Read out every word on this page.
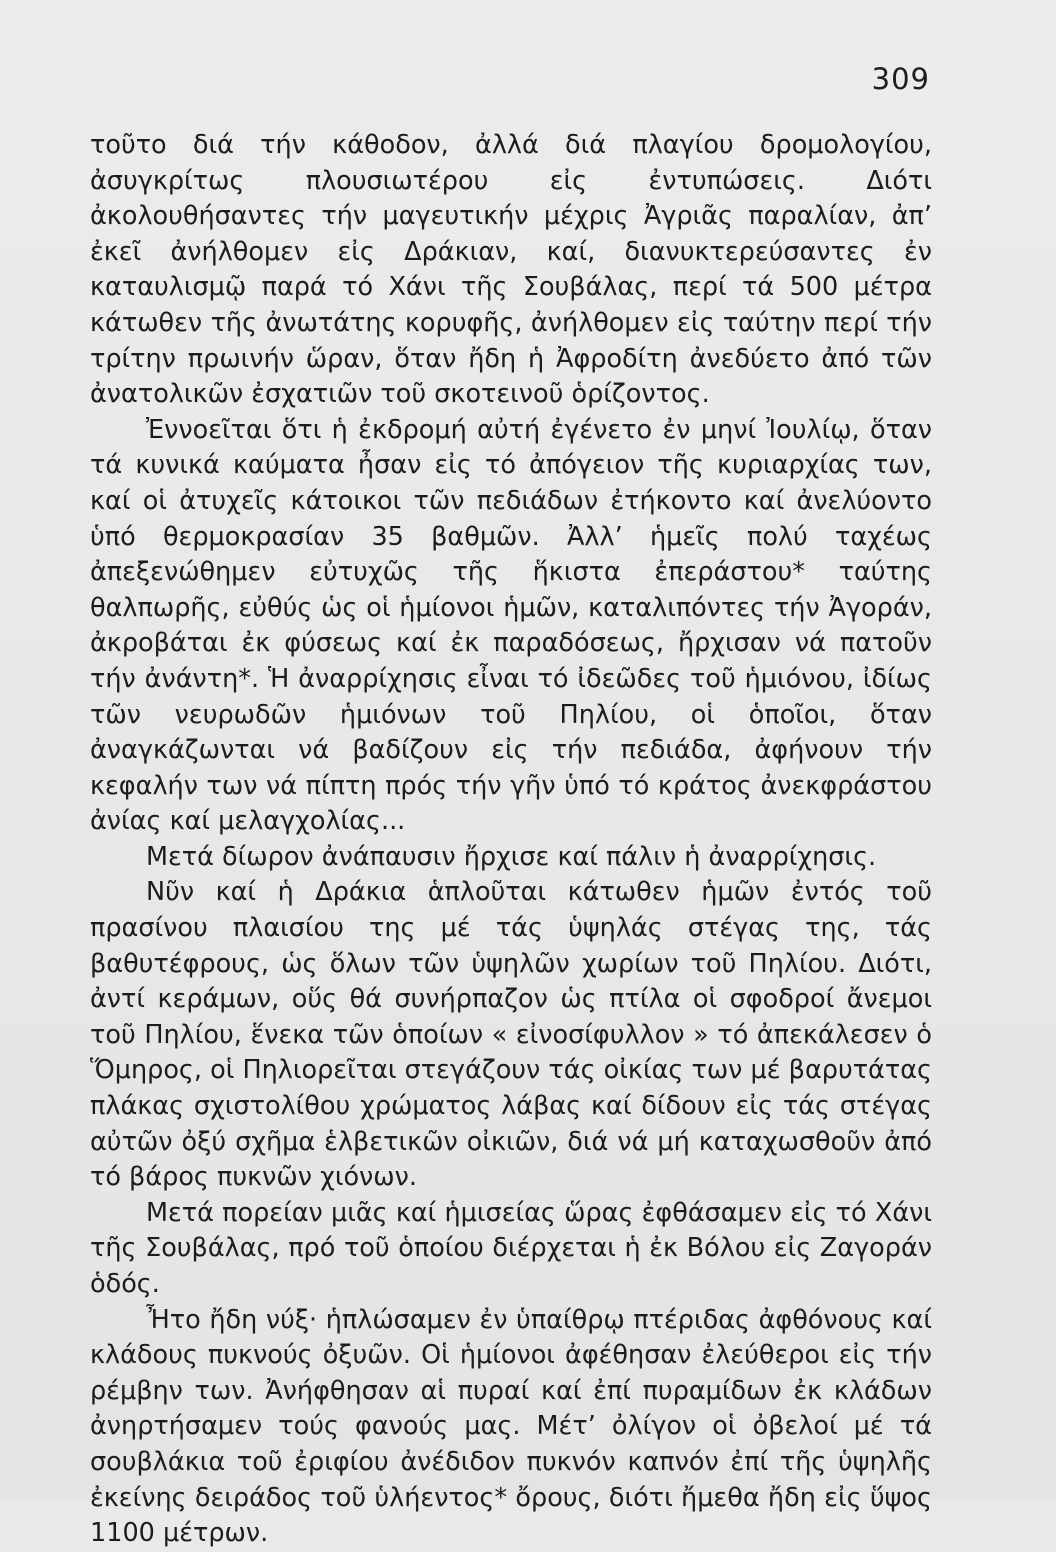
309

τοῦτο διά τήν κάθοδον, ἀλλά διά πλαγίου δρομολογίου, ἀσυγκρίτως πλουσιωτέρου εἰς ἐντυπώσεις. Διότι ἀκολουθήσαντες τήν μαγευτικήν μέχρις Ἀγριᾶς παραλίαν, ἀπ’ ἐκεῖ ἀνήλθομεν εἰς Δράκιαν, καί, διανυκτερεύσαντες ἐν καταυλισμῷ παρά τό Χάνι τῆς Σουβάλας, περί τά 500 μέτρα κάτωθεν τῆς ἀνωτάτης κορυφῆς, ἀνήλθομεν εἰς ταύτην περί τήν τρίτην πρωινήν ὥραν, ὅταν ἤδη ἡ Ἀφροδίτη ἀνεδύετο ἀπό τῶν ἀνατολικῶν ἐσχατιῶν τοῦ σκοτεινοῦ ὁρίζοντος.

Ἐννοεῖται ὅτι ἡ ἐκδρομή αὐτή ἐγένετο ἐν μηνί Ἰουλίῳ, ὅταν τά κυνικά καύματα ἦσαν εἰς τό ἀπόγειον τῆς κυριαρχίας των, καί οἱ ἀτυχεῖς κάτοικοι τῶν πεδιάδων ἐτήκοντο καί ἀνελύοντο ὑπό θερμοκρασίαν 35 βαθμῶν. Ἀλλ’ ἡμεῖς πολύ ταχέως ἀπεξενώθημεν εὐτυχῶς τῆς ἥκιστα ἐπεράστου* ταύτης θαλπωρῆς, εὐθύς ὡς οἱ ἡμίονοι ἡμῶν, καταλιπόντες τήν Ἀγοράν, ἀκροβάται ἐκ φύσεως καί ἐκ παραδόσεως, ἤρχισαν νά πατοῦν τήν ἀνάντη*. Ἡ ἀναρρίχησις εἶναι τό ἰδεῶδες τοῦ ἡμιόνου, ἰδίως τῶν νευρωδῶν ἡμιόνων τοῦ Πηλίου, οἱ ὁποῖοι, ὅταν ἀναγκάζωνται νά βαδίζουν εἰς τήν πεδιάδα, ἀφήνουν τήν κεφαλήν των νά πίπτη πρός τήν γῆν ὑπό τό κράτος ἀνεκφράστου ἀνίας καί μελαγχολίας...

Μετά δίωρον ἀνάπαυσιν ἤρχισε καί πάλιν ἡ ἀναρρίχησις.

Νῦν καί ἡ Δράκια ἁπλοῦται κάτωθεν ἡμῶν ἐντός τοῦ πρασίνου πλαισίου της μέ τάς ὑψηλάς στέγας της, τάς βαθυτέφρους, ὡς ὅλων τῶν ὑψηλῶν χωρίων τοῦ Πηλίου. Διότι, ἀντί κεράμων, οὕς θά συνήρπαζον ὡς πτίλα οἱ σφοδροί ἄνεμοι τοῦ Πηλίου, ἕνεκα τῶν ὁποίων « εἰνοσίφυλλον » τό ἀπεκάλεσεν ὁ Ὅμηρος, οἱ Πηλιορεῖται στεγάζουν τάς οἰκίας των μέ βαρυτάτας πλάκας σχιστολίθου χρώματος λάβας καί δίδουν εἰς τάς στέγας αὐτῶν ὀξύ σχῆμα ἑλβετικῶν οἰκιῶν, διά νά μή καταχωσθοῦν ἀπό τό βάρος πυκνῶν χιόνων.

Μετά πορείαν μιᾶς καί ἡμισείας ὥρας ἐφθάσαμεν εἰς τό Χάνι τῆς Σουβάλας, πρό τοῦ ὁποίου διέρχεται ἡ ἐκ Βόλου εἰς Ζαγοράν ὁδός.

Ἦτο ἤδη νύξ· ἡπλώσαμεν ἐν ὑπαίθρῳ πτέριδας ἀφθόνους καί κλάδους πυκνούς ὀξυῶν. Οἱ ἡμίονοι ἀφέθησαν ἐλεύθεροι εἰς τήν ρέμβην των. Ἀνήφθησαν αἱ πυραί καί ἐπί πυραμίδων ἐκ κλάδων ἀνηρτήσαμεν τούς φανούς μας. Μέτ’ ὀλίγον οἱ ὀβελοί μέ τά σουβλάκια τοῦ ἐριφίου ἀνέδιδον πυκνόν καπνόν ἐπί τῆς ὑψηλῆς ἐκείνης δειράδος τοῦ ὑλήεντος* ὄρους, διότι ἤμεθα ἤδη εἰς ὕψος 1100 μέτρων.
